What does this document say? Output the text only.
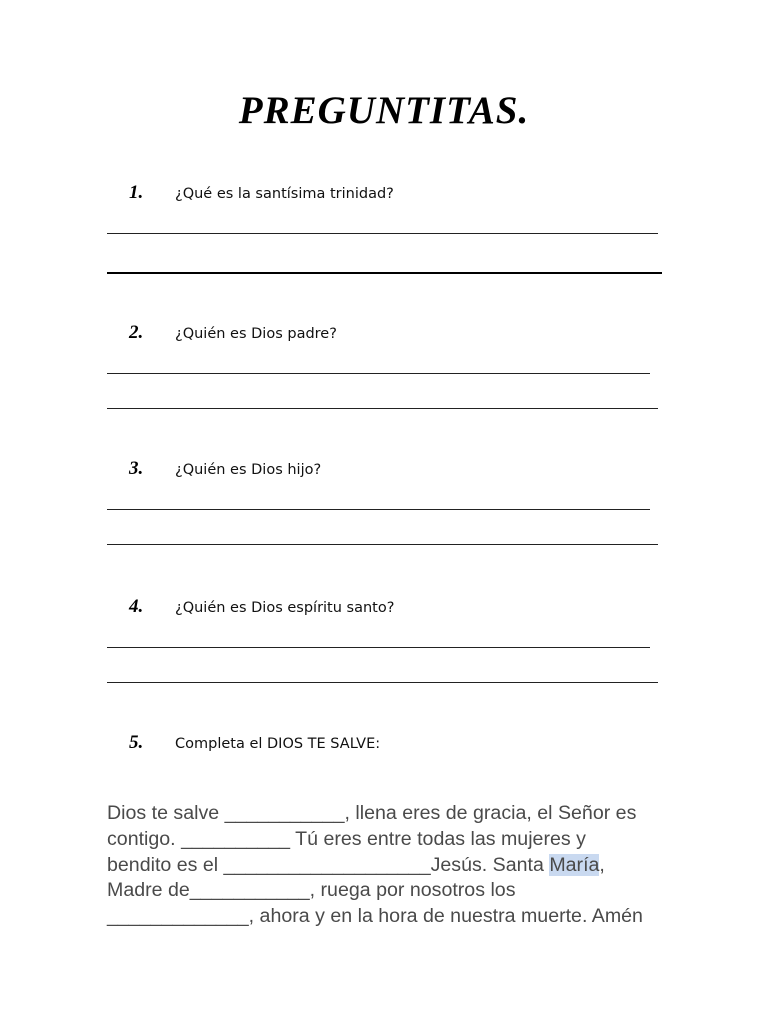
PREGUNTITAS.
1. ¿Qué es la santísima trinidad?
2. ¿Quién es Dios padre?
3. ¿Quién es Dios hijo?
4. ¿Quién es Dios espíritu santo?
5. Completa el DIOS TE SALVE:
Dios te salve ___________, llena eres de gracia, el Señor es
contigo. __________ Tú eres entre todas las mujeres y
bendito es el ___________________Jesús. Santa María,
Madre de___________, ruega por nosotros los
_____________, ahora y en la hora de nuestra muerte. Amén
